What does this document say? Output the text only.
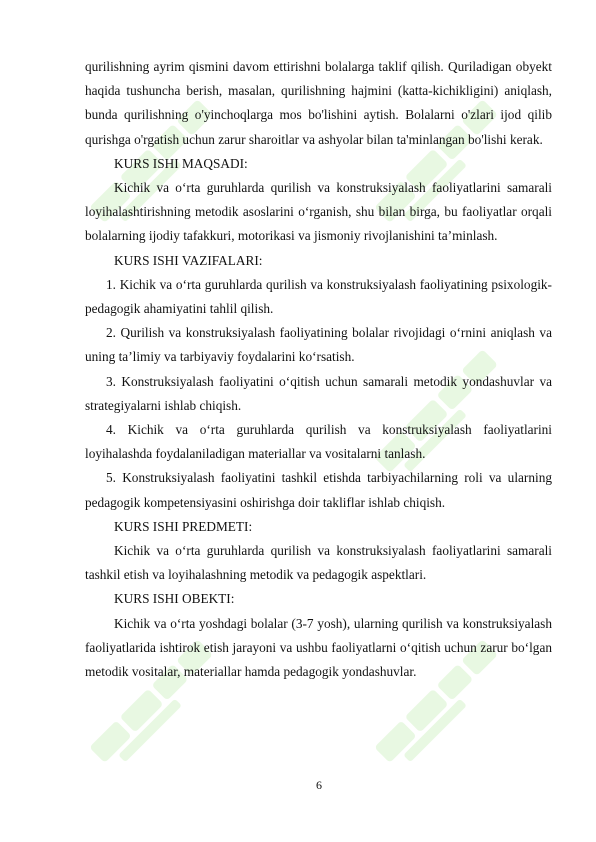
qurilishning ayrim qismini davom ettirishni bolalarga taklif qilish. Quriladigan obyekt haqida tushuncha berish, masalan, qurilishning hajmini (katta-kichikligini) aniqlash, bunda qurilishning o'yinchoqlarga mos bo'lishini aytish. Bolalarni o'zlari ijod qilib qurishga o'rgatish uchun zarur sharoitlar va ashyolar bilan ta'minlangan bo'lishi kerak.

KURS ISHI MAQSADI:

Kichik va o‘rta guruhlarda qurilish va konstruksiyalash faoliyatlarini samarali loyihalashtirishning metodik asoslarini o‘rganish, shu bilan birga, bu faoliyatlar orqali bolalarning ijodiy tafakkuri, motorikasi va jismoniy rivojlanishini ta’minlash.

KURS ISHI VAZIFALARI:

1. Kichik va o‘rta guruhlarda qurilish va konstruksiyalash faoliyatining psixologik-pedagogik ahamiyatini tahlil qilish.

2. Qurilish va konstruksiyalash faoliyatining bolalar rivojidagi o‘rnini aniqlash va uning ta’limiy va tarbiyaviy foydalarini ko‘rsatish.

3. Konstruksiyalash faoliyatini o‘qitish uchun samarali metodik yondashuvlar va strategiyalarni ishlab chiqish.

4. Kichik va o‘rta guruhlarda qurilish va konstruksiyalash faoliyatlarini loyihalashda foydalaniladigan materiallar va vositalarni tanlash.

5. Konstruksiyalash faoliyatini tashkil etishda tarbiyachilarning roli va ularning pedagogik kompetensiyasini oshirishga doir takliflar ishlab chiqish.

KURS ISHI PREDMETI:

Kichik va o‘rta guruhlarda qurilish va konstruksiyalash faoliyatlarini samarali tashkil etish va loyihalashning metodik va pedagogik aspektlari.

KURS ISHI OBEKTI:

Kichik va o‘rta yoshdagi bolalar (3-7 yosh), ularning qurilish va konstruksiyalash faoliyatlarida ishtirok etish jarayoni va ushbu faoliyatlarni o‘qitish uchun zarur bo‘lgan metodik vositalar, materiallar hamda pedagogik yondashuvlar.

6
